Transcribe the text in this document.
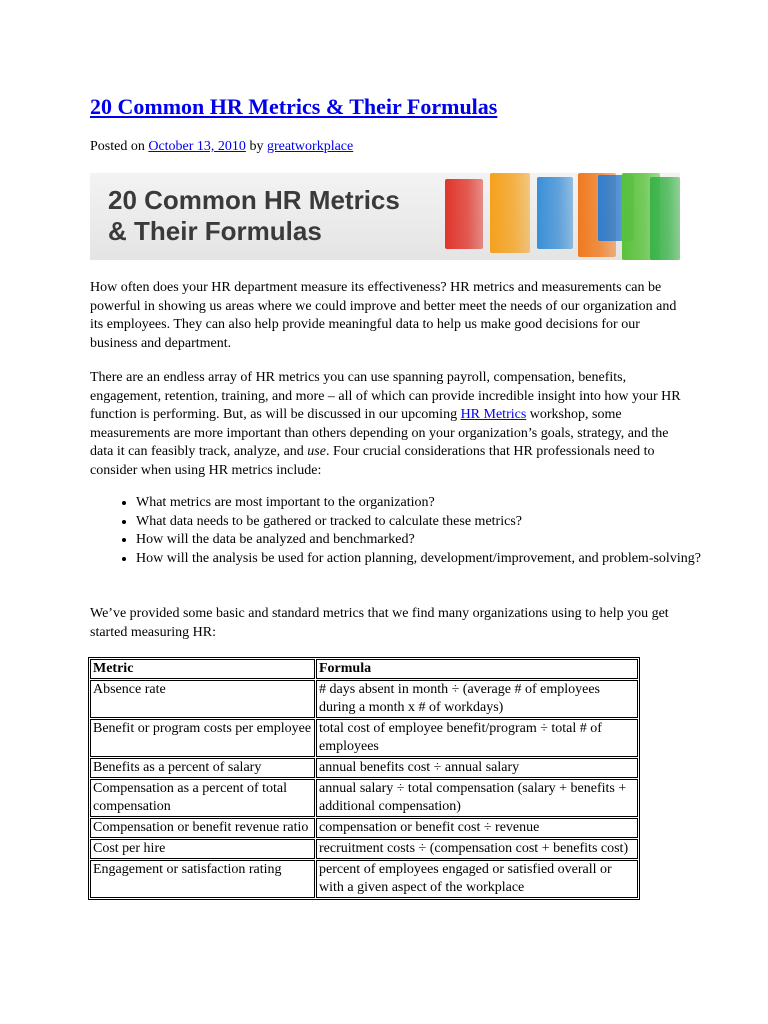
20 Common HR Metrics & Their Formulas
Posted on October 13, 2010 by greatworkplace
20 Common HR Metrics
& Their Formulas

How often does your HR department measure its effectiveness? HR metrics and measurements can be powerful in showing us areas where we could improve and better meet the needs of our organization and its employees. They can also help provide meaningful data to help us make good decisions for our business and department.

There are an endless array of HR metrics you can use spanning payroll, compensation, benefits, engagement, retention, training, and more – all of which can provide incredible insight into how your HR function is performing. But, as will be discussed in our upcoming HR Metrics workshop, some measurements are more important than others depending on your organization’s goals, strategy, and the data it can feasibly track, analyze, and use. Four crucial considerations that HR professionals need to consider when using HR metrics include:

• What metrics are most important to the organization?
• What data needs to be gathered or tracked to calculate these metrics?
• How will the data be analyzed and benchmarked?
• How will the analysis be used for action planning, development/improvement, and problem-solving?

We’ve provided some basic and standard metrics that we find many organizations using to help you get started measuring HR:

Metric	Formula
Absence rate	# days absent in month ÷ (average # of employees during a month x # of workdays)
Benefit or program costs per employee	total cost of employee benefit/program ÷ total # of employees
Benefits as a percent of salary	annual benefits cost ÷ annual salary
Compensation as a percent of total compensation	annual salary ÷ total compensation (salary + benefits + additional compensation)
Compensation or benefit revenue ratio	compensation or benefit cost ÷ revenue
Cost per hire	recruitment costs ÷ (compensation cost + benefits cost)
Engagement or satisfaction rating	percent of employees engaged or satisfied overall or with a given aspect of the workplace
